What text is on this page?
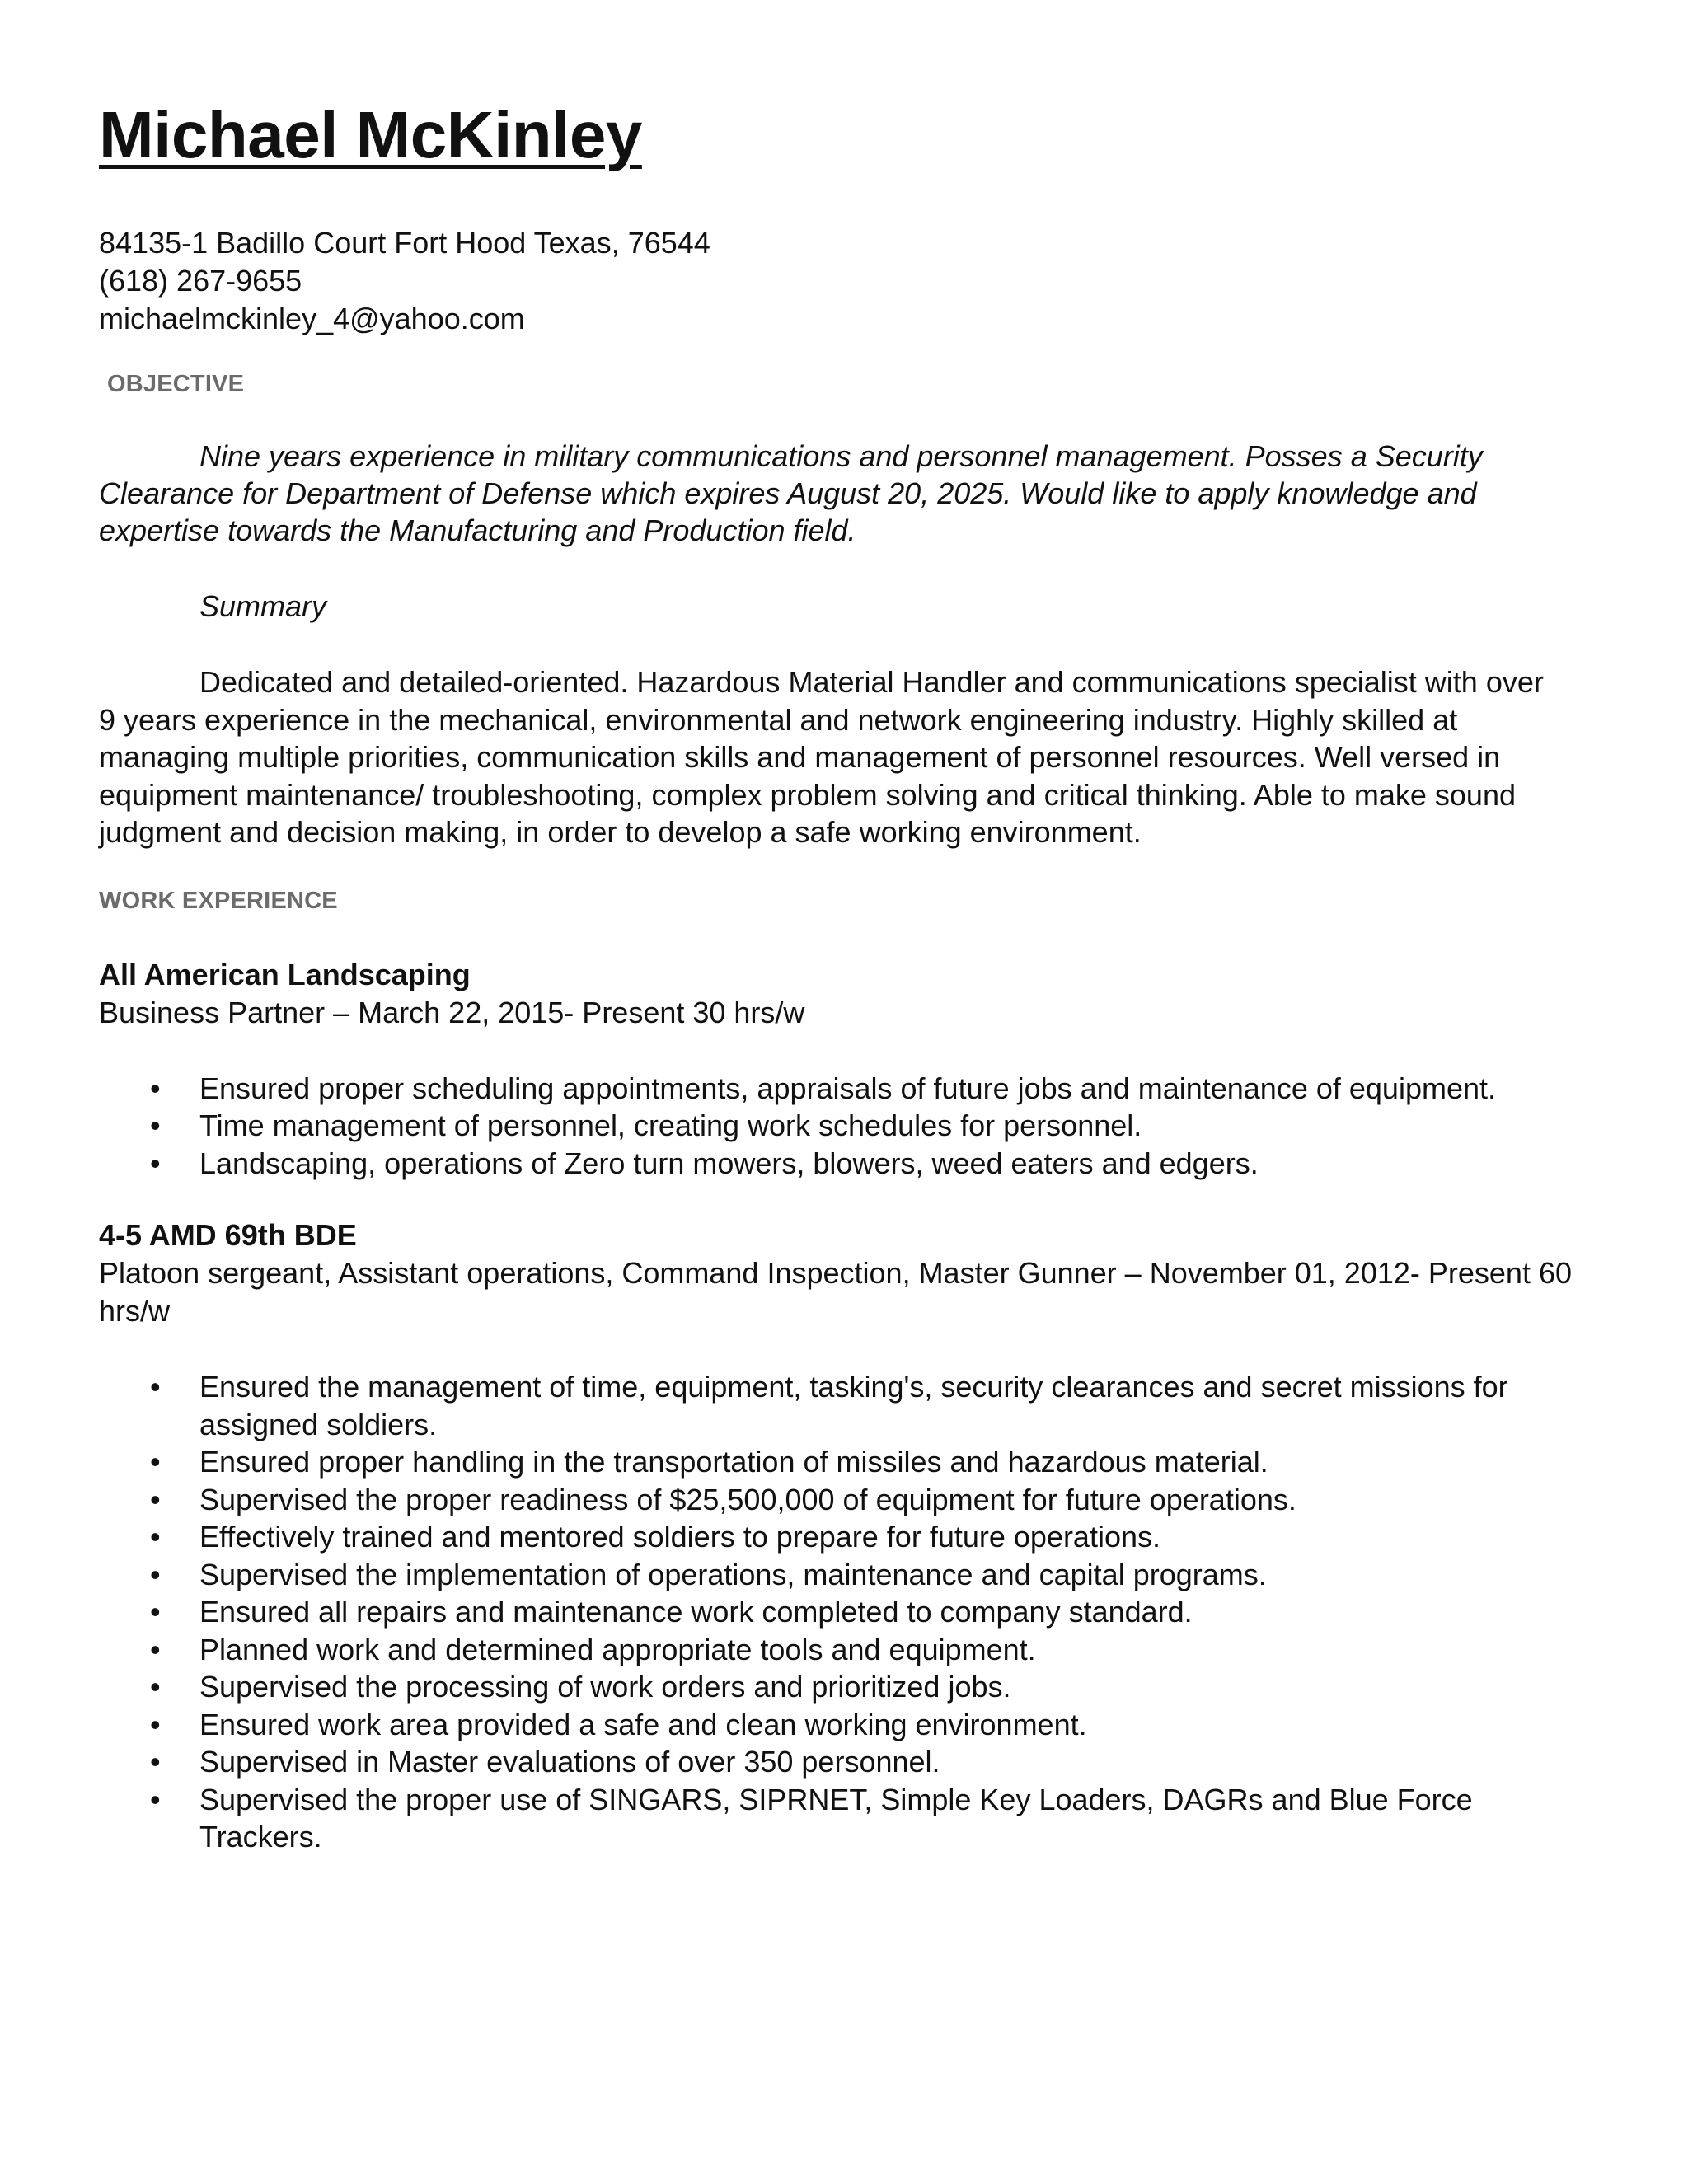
Michael McKinley
84135-1 Badillo Court Fort Hood Texas, 76544
(618) 267-9655
michaelmckinley_4@yahoo.com
OBJECTIVE
Nine years experience in military communications and personnel management. Posses a Security Clearance for Department of Defense which expires August 20, 2025. Would like to apply knowledge and expertise towards the Manufacturing and Production field.
Summary
Dedicated and detailed-oriented. Hazardous Material Handler and communications specialist with over 9 years experience in the mechanical, environmental and network engineering industry. Highly skilled at managing multiple priorities, communication skills and management of personnel resources. Well versed in equipment maintenance/ troubleshooting, complex problem solving and critical thinking. Able to make sound judgment and decision making, in order to develop a safe working environment.
WORK EXPERIENCE
All American Landscaping
Business Partner – March 22, 2015- Present 30 hrs/w
• Ensured proper scheduling appointments, appraisals of future jobs and maintenance of equipment.
• Time management of personnel, creating work schedules for personnel.
• Landscaping, operations of Zero turn mowers, blowers, weed eaters and edgers.
4-5 AMD 69th BDE
Platoon sergeant, Assistant operations, Command Inspection, Master Gunner – November 01, 2012- Present 60 hrs/w
• Ensured the management of time, equipment, tasking's, security clearances and secret missions for assigned soldiers.
• Ensured proper handling in the transportation of missiles and hazardous material.
• Supervised the proper readiness of $25,500,000 of equipment for future operations.
• Effectively trained and mentored soldiers to prepare for future operations.
• Supervised the implementation of operations, maintenance and capital programs.
• Ensured all repairs and maintenance work completed to company standard.
• Planned work and determined appropriate tools and equipment.
• Supervised the processing of work orders and prioritized jobs.
• Ensured work area provided a safe and clean working environment.
• Supervised in Master evaluations of over 350 personnel.
• Supervised the proper use of SINGARS, SIPRNET, Simple Key Loaders, DAGRs and Blue Force Trackers.
